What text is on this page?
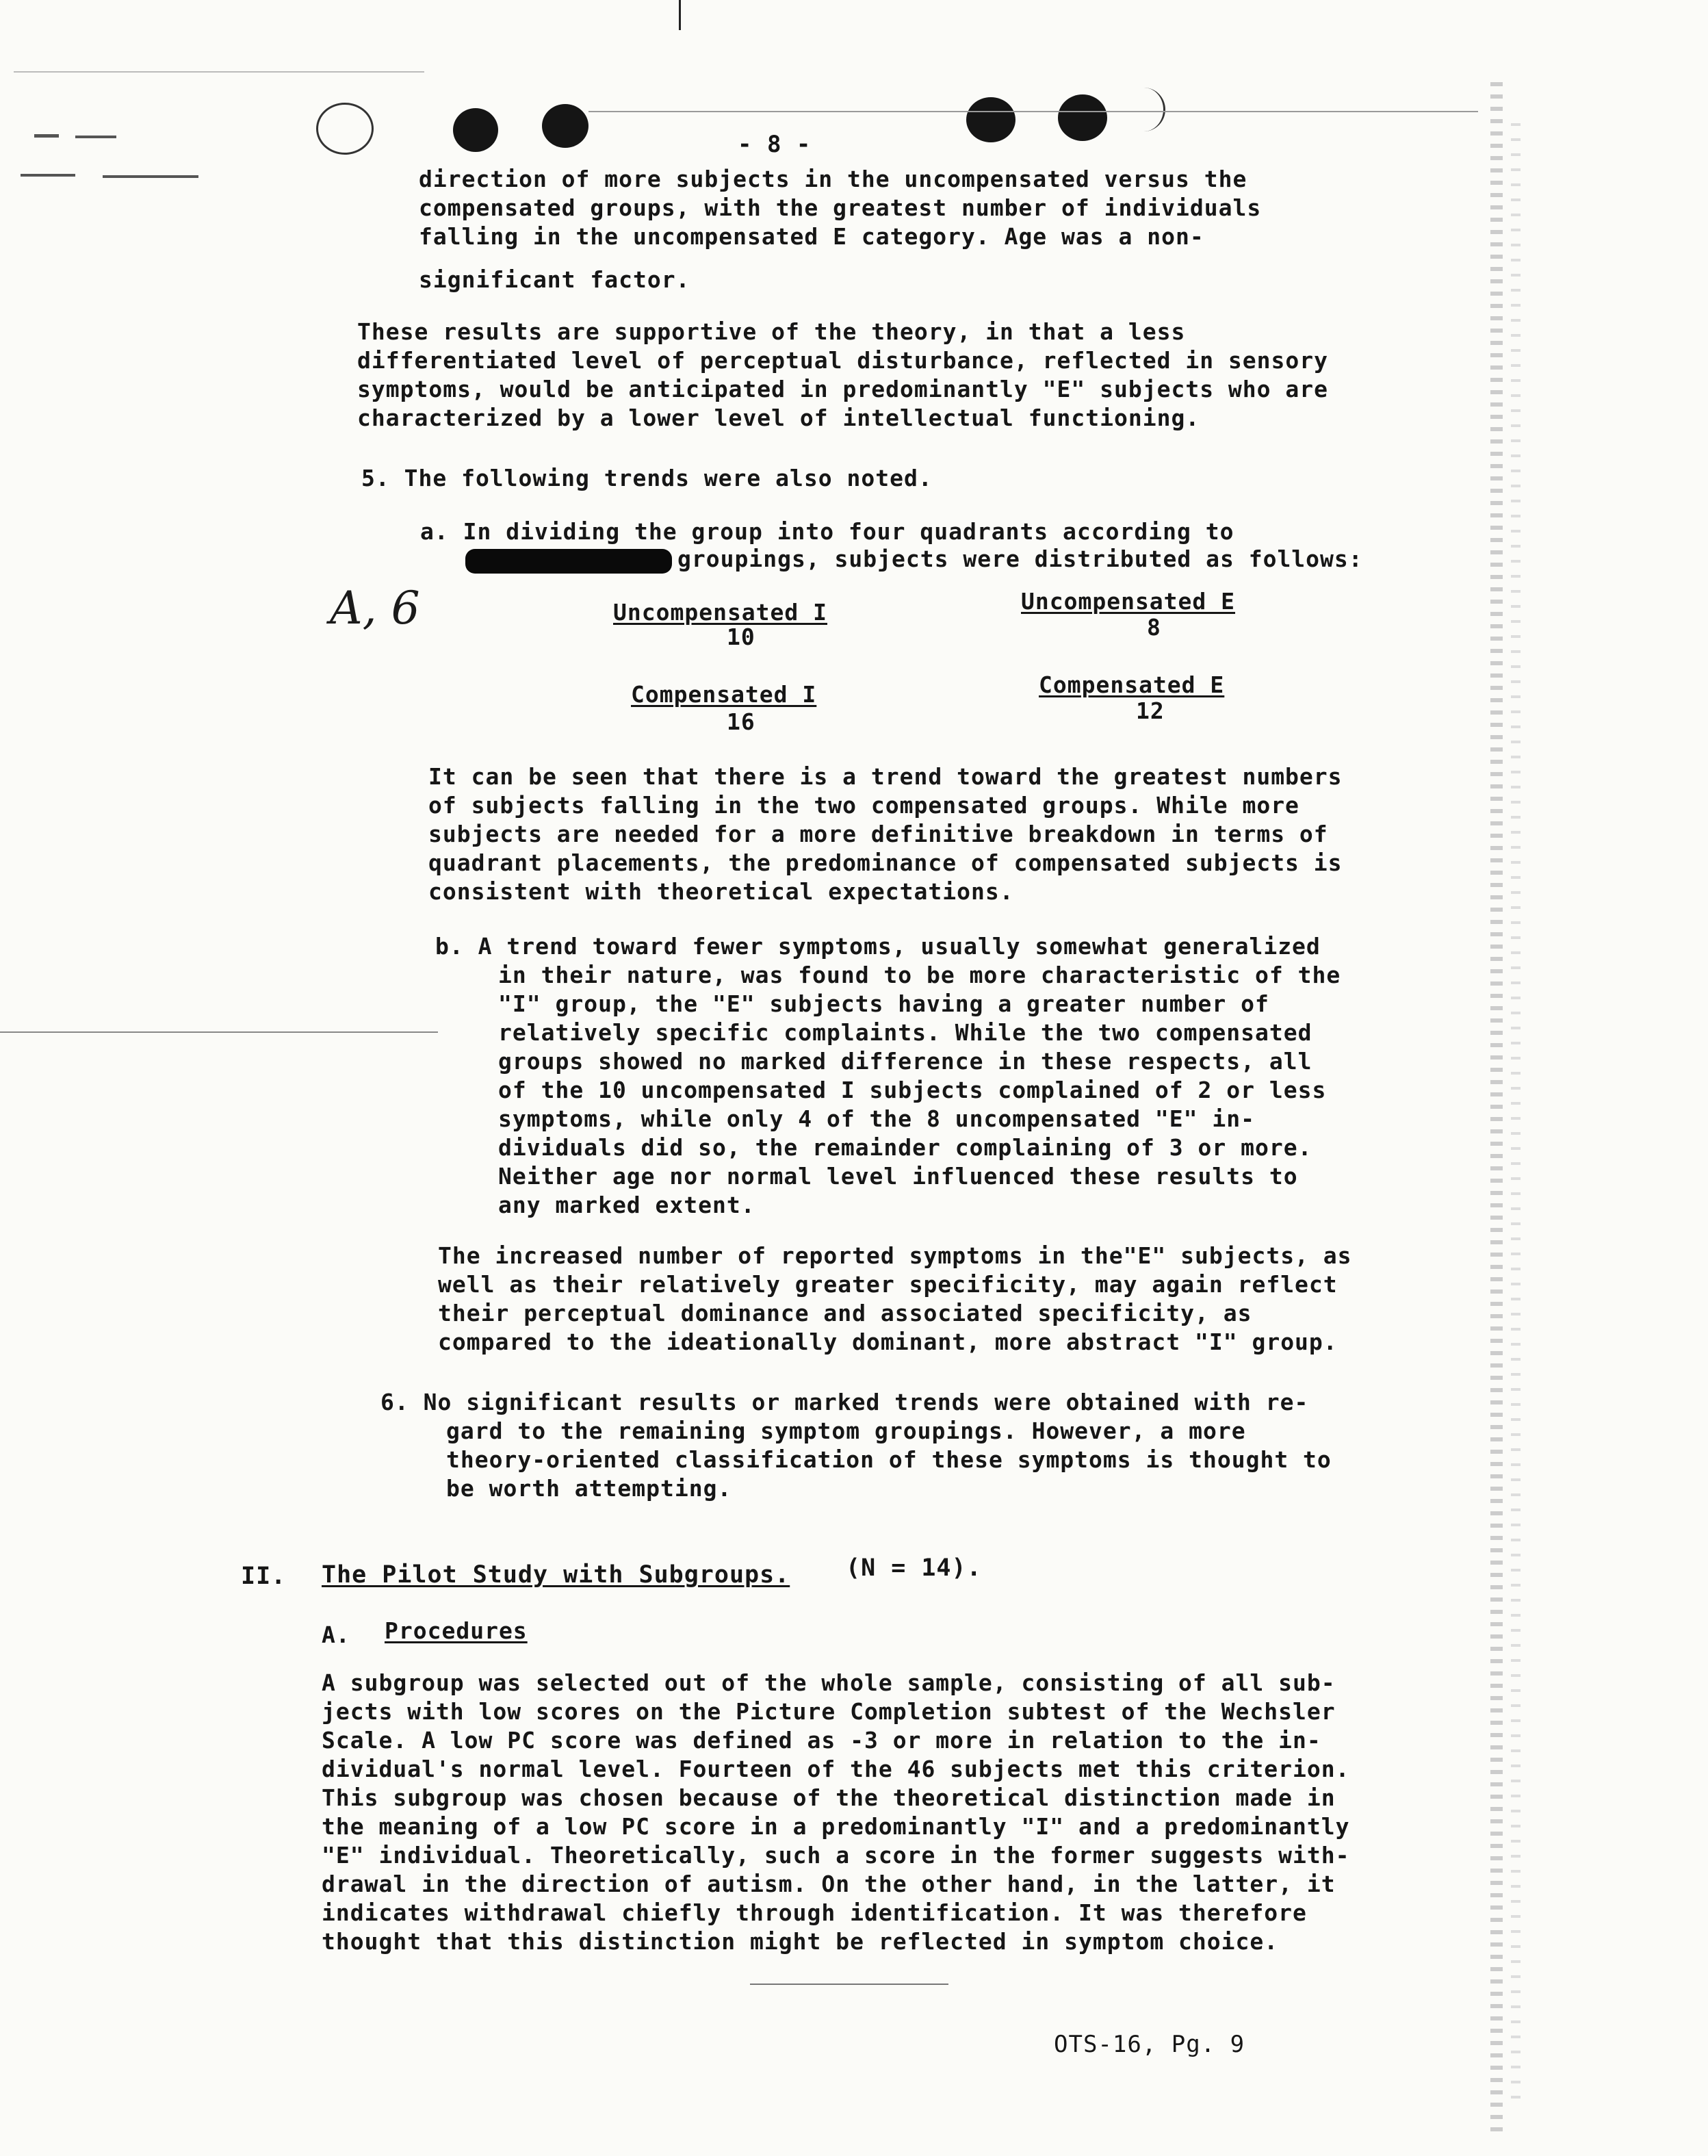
- 8 -
direction of more subjects in the uncompensated versus the
compensated groups, with the greatest number of individuals
falling in the uncompensated E category. Age was a non-
significant factor.
These results are supportive of the theory, in that a less
differentiated level of perceptual disturbance, reflected in sensory
symptoms, would be anticipated in predominantly "E" subjects who are
characterized by a lower level of intellectual functioning.
5. The following trends were also noted.
a. In dividing the group into four quadrants according to
groupings, subjects were distributed as follows:
A, 6	Uncompensated I
10
Uncompensated E
8
Compensated I
16
Compensated E
12
It can be seen that there is a trend toward the greatest numbers
of subjects falling in the two compensated groups. While more
subjects are needed for a more definitive breakdown in terms of
quadrant placements, the predominance of compensated subjects is
consistent with theoretical expectations.
b. A trend toward fewer symptoms, usually somewhat generalized
in their nature, was found to be more characteristic of the
"I" group, the "E" subjects having a greater number of
relatively specific complaints. While the two compensated
groups showed no marked difference in these respects, all
of the 10 uncompensated I subjects complained of 2 or less
symptoms, while only 4 of the 8 uncompensated "E" in-
dividuals did so, the remainder complaining of 3 or more.
Neither age nor normal level influenced these results to
any marked extent.
The increased number of reported symptoms in the"E" subjects, as
well as their relatively greater specificity, may again reflect
their perceptual dominance and associated specificity, as
compared to the ideationally dominant, more abstract "I" group.
6. No significant results or marked trends were obtained with re-
gard to the remaining symptom groupings. However, a more
theory-oriented classification of these symptoms is thought to
be worth attempting.
II. The Pilot Study with Subgroups. (N = 14).
A. Procedures
A subgroup was selected out of the whole sample, consisting of all sub-
jects with low scores on the Picture Completion subtest of the Wechsler
Scale. A low PC score was defined as -3 or more in relation to the in-
dividual's normal level. Fourteen of the 46 subjects met this criterion.
This subgroup was chosen because of the theoretical distinction made in
the meaning of a low PC score in a predominantly "I" and a predominantly
"E" individual. Theoretically, such a score in the former suggests with-
drawal in the direction of autism. On the other hand, in the latter, it
indicates withdrawal chiefly through identification. It was therefore
thought that this distinction might be reflected in symptom choice.
OTS-16, Pg. 9
